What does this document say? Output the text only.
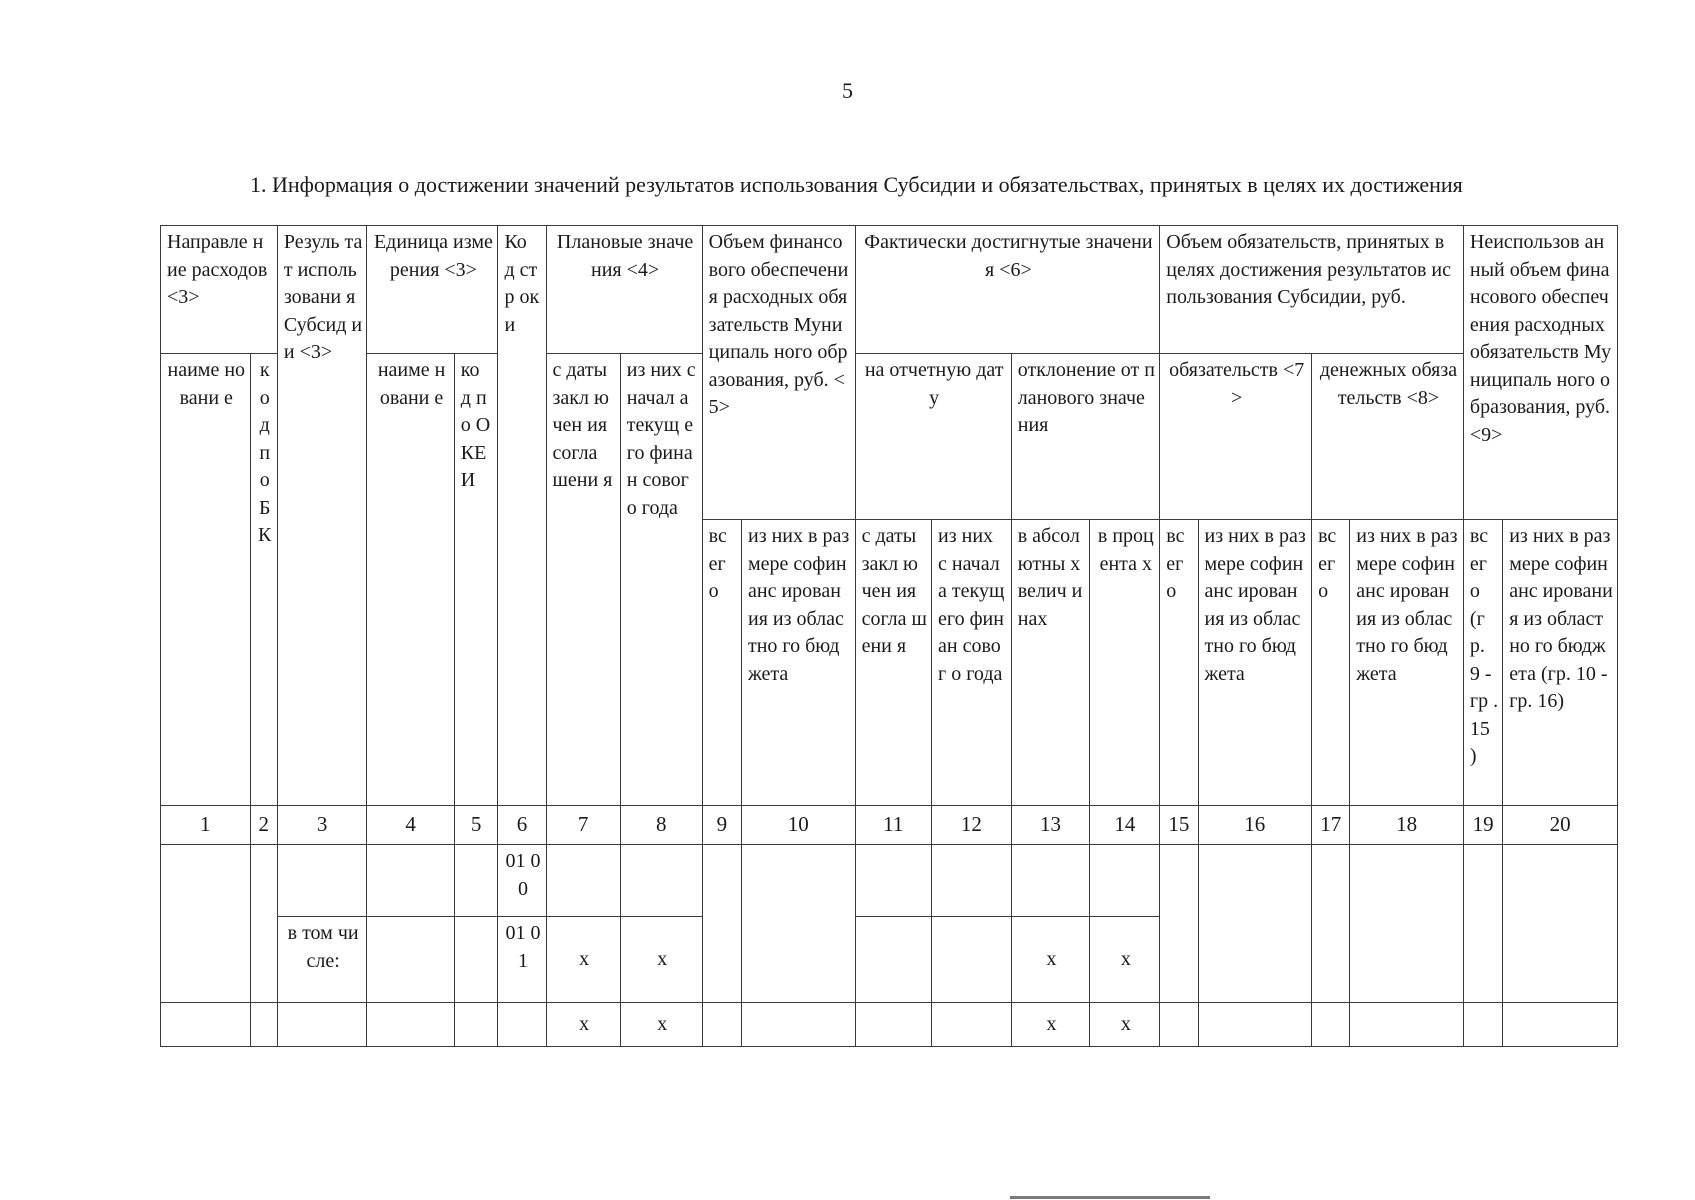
5
1. Информация о достижении значений результатов использования Субсидии и обязательствах, принятых в целях их достижения
Направле ние расходов <3>		Резуль тат исполь зовани я Субсид ии <3>	Единица измерения <3>		Ко д стр ок и	Плановые значения <4>		Объем финансового обеспечения расходных обязательств Муниципаль ного образования, руб. <5>		Фактически достигнутые значения <6>				Объем обязательств, принятых в целях достижения результатов использования Субсидии, руб.				Неиспользов анный объем финансового обеспечения расходных обязательств Муниципаль ного образования, руб. <9>	
наиме новани е	к о д п о Б К		наиме новани е	ко д по О КЕ И		с даты закл ючен ия согла шени я	из них с начал а текущ его финан совог о года			на отчетную дату		отклонение от планового значения		обязательств <7>		денежных обязательств <8>			
								вс ег о	из них в размере софинанс ирования из областно го бюджета	с даты закл ючен ия согла шени я	из них с начал а текущ его финан совог о года	в абсол ютны х велич инах	в процента х	вс ег о	из них в размере софинанс ирования из областно го бюджета	вс ег о	из них в размере софинанс ирования из областно го бюджета	вс ег о (г р. 9 - гр . 15 )	из них в размере софинанс ирования из областно го бюджета (гр. 10 - гр. 16)
1	2	3	4	5	6	7	8	9	10	11	12	13	14	15	16	17	18	19	20
					01 00														
		в том числе:			01 01	x	x					x	x						
						x	x					x	x						
